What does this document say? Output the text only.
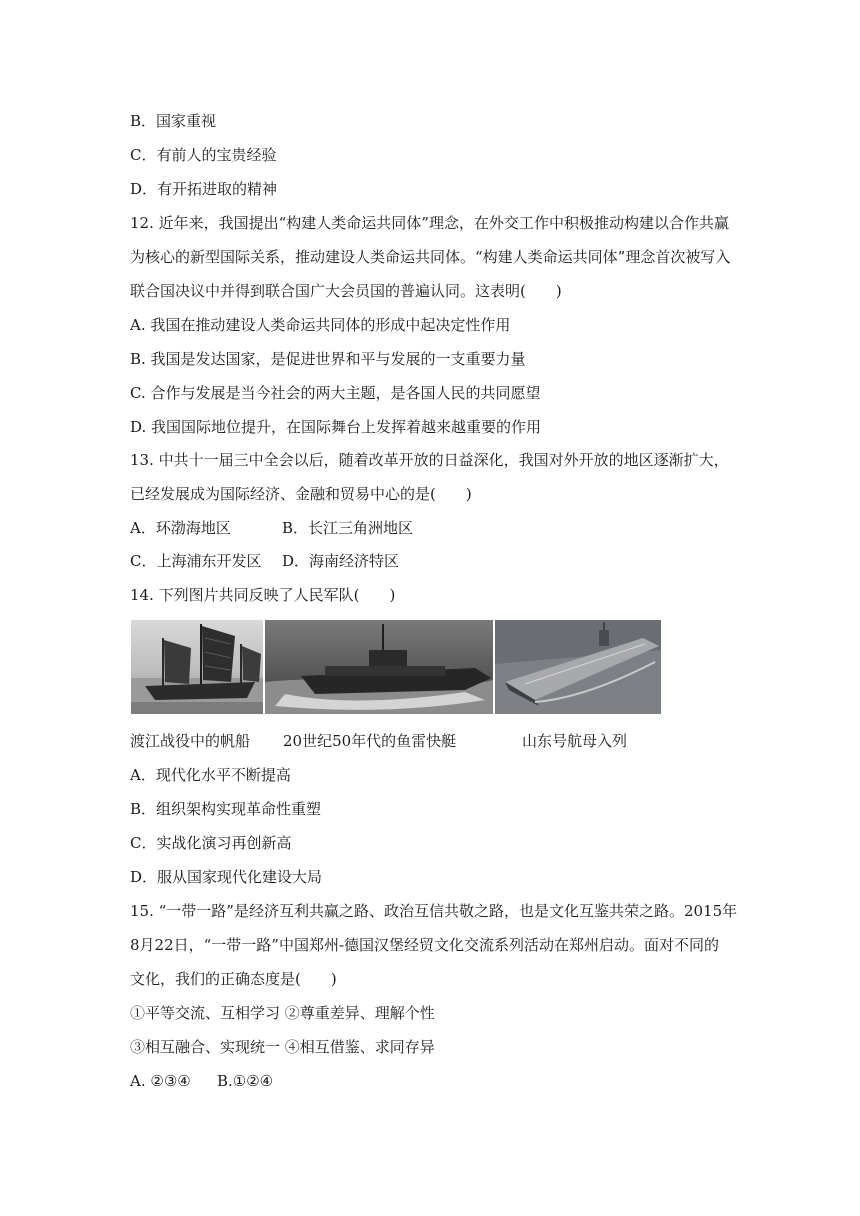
B．国家重视
C．有前人的宝贵经验
D．有开拓进取的精神
12. 近年来，我国提出“构建人类命运共同体”理念，在外交工作中积极推动构建以合作共赢
为核心的新型国际关系，推动建设人类命运共同体。“构建人类命运共同体”理念首次被写入
联合国决议中并得到联合国广大会员国的普遍认同。这表明(　　)
A. 我国在推动建设人类命运共同体的形成中起决定性作用
B. 我国是发达国家，是促进世界和平与发展的一支重要力量
C. 合作与发展是当今社会的两大主题，是各国人民的共同愿望
D. 我国国际地位提升，在国际舞台上发挥着越来越重要的作用
13. 中共十一届三中全会以后，随着改革开放的日益深化，我国对外开放的地区逐渐扩大，
已经发展成为国际经济、金融和贸易中心的是(　　)
A．环渤海地区	B．长江三角洲地区
C．上海浦东开发区 D．海南经济特区
14. 下列图片共同反映了人民军队(　　)
渡江战役中的帆船 20世纪50年代的鱼雷快艇	山东号航母入列
A．现代化水平不断提高
B．组织架构实现革命性重塑
C．实战化演习再创新高
D．服从国家现代化建设大局
15. “一带一路”是经济互利共赢之路、政治互信共敬之路，也是文化互鉴共荣之路。2015年
8月22日，“一带一路”中国郑州-德国汉堡经贸文化交流系列活动在郑州启动。面对不同的
文化，我们的正确态度是(　　)
①平等交流、互相学习 ②尊重差异、理解个性
③相互融合、实现统一 ④相互借鉴、求同存异
A. ②③④ B.①②④
